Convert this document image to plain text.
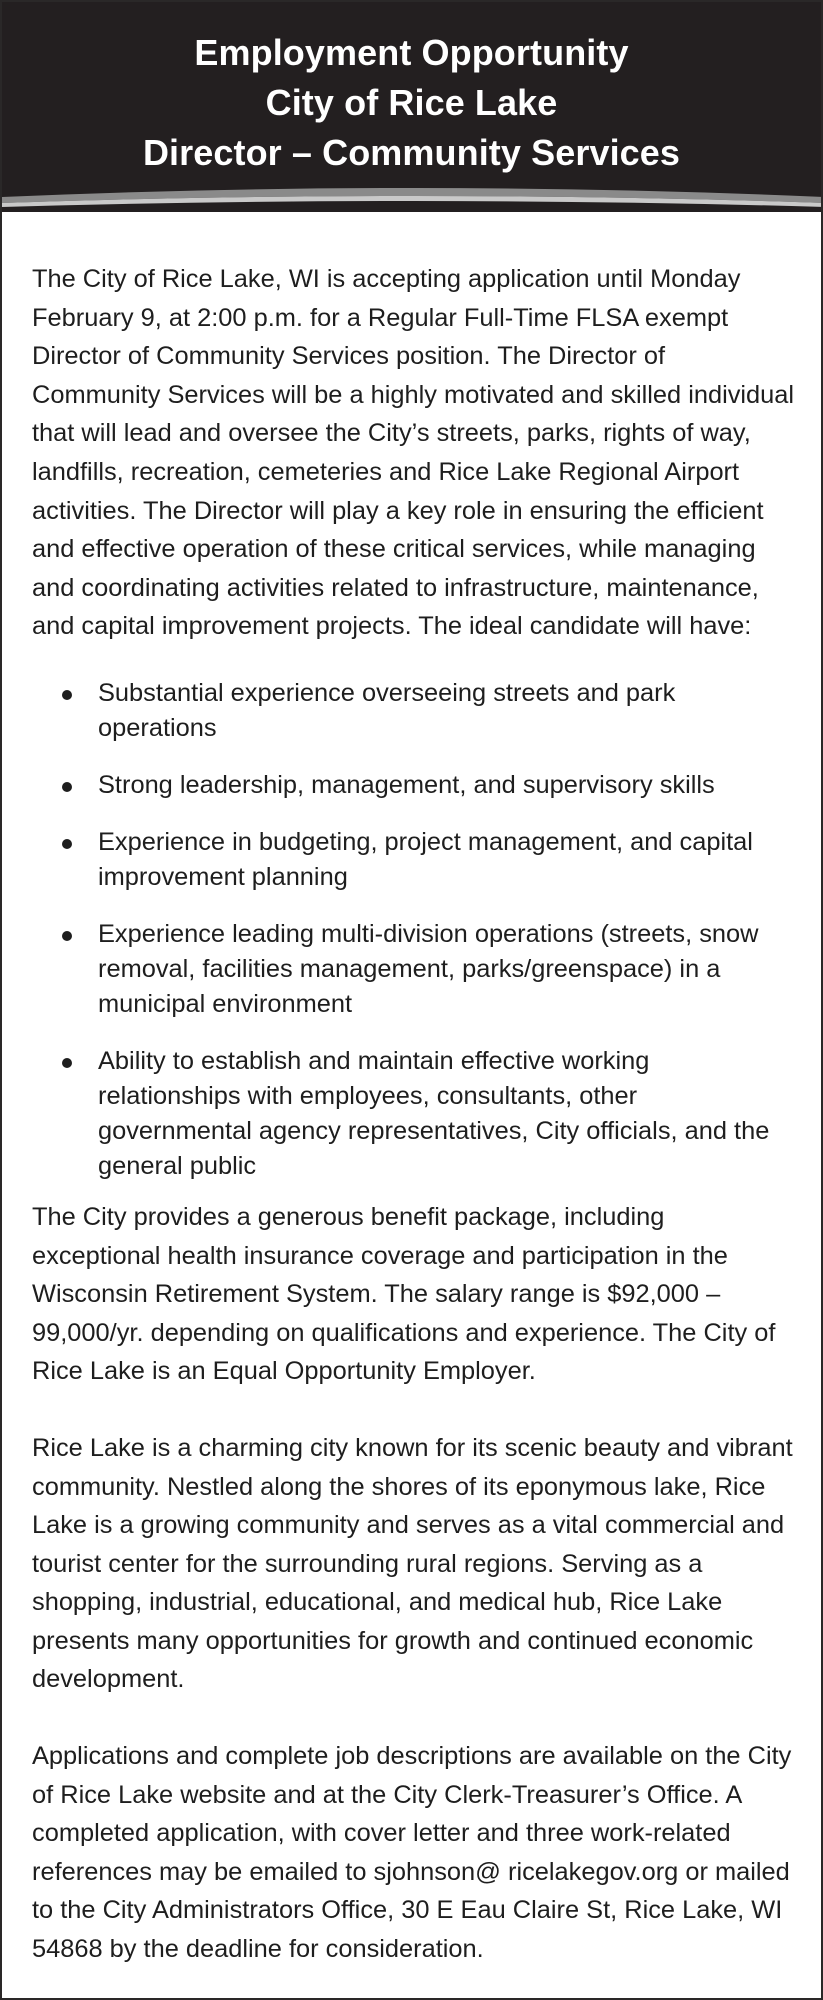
Employment Opportunity
City of Rice Lake
Director – Community Services

The City of Rice Lake, WI is accepting application until Monday February 9, at 2:00 p.m. for a Regular Full-Time FLSA exempt Director of Community Services position. The Director of Community Services will be a highly motivated and skilled individual that will lead and oversee the City’s streets, parks, rights of way, landfills, recreation, cemeteries and Rice Lake Regional Airport activities. The Director will play a key role in ensuring the efficient and effective operation of these critical services, while managing and coordinating activities related to infrastructure, maintenance, and capital improvement projects. The ideal candidate will have:

Substantial experience overseeing streets and park operations
Strong leadership, management, and supervisory skills
Experience in budgeting, project management, and capital improvement planning
Experience leading multi-division operations (streets, snow removal, facilities management, parks/greenspace) in a municipal environment
Ability to establish and maintain effective working relationships with employees, consultants, other governmental agency representatives, City officials, and the general public

The City provides a generous benefit package, including exceptional health insurance coverage and participation in the Wisconsin Retirement System. The salary range is $92,000 – 99,000/yr. depending on qualifications and experience. The City of Rice Lake is an Equal Opportunity Employer.

Rice Lake is a charming city known for its scenic beauty and vibrant community. Nestled along the shores of its eponymous lake, Rice Lake is a growing community and serves as a vital commercial and tourist center for the surrounding rural regions. Serving as a shopping, industrial, educational, and medical hub, Rice Lake presents many opportunities for growth and continued economic development.

Applications and complete job descriptions are available on the City of Rice Lake website and at the City Clerk-Treasurer’s Office. A completed application, with cover letter and three work-related references may be emailed to sjohnson@ ricelakegov.org or mailed to the City Administrators Office, 30 E Eau Claire St, Rice Lake, WI 54868 by the deadline for consideration.
